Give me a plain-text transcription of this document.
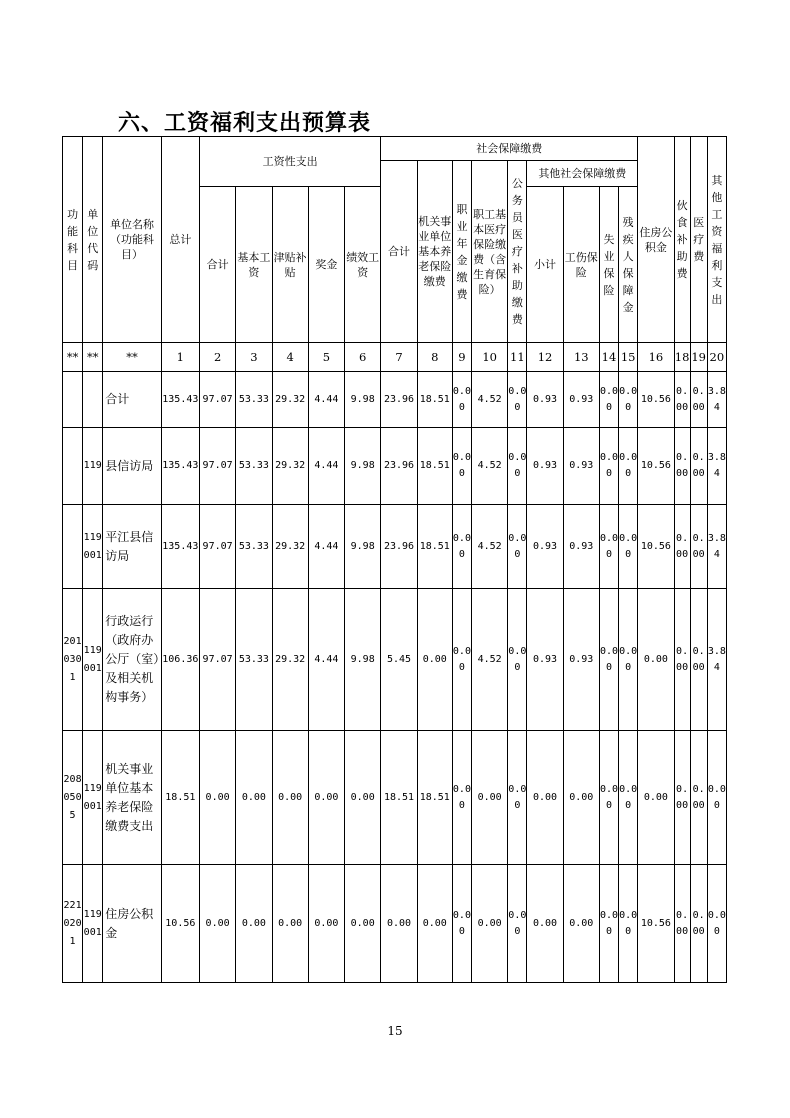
六、工资福利支出预算表
功能科目	单位代码	单位名称（功能科目）	总计	工资性支出					社会保障缴费									住房公积金	伙食补助费	医疗费	其他工资福利支出
									合计	机关事业单位基本养老保险缴费	职业年金缴费	职工基本医疗保险缴费（含生育保险）	公务员医疗补助缴费	其他社会保障缴费							
				合计	基本工资	津贴补贴	奖金	绩效工资						小计	工伤保险	失业保险	残疾人保障金				
**	**	**	1	2	3	4	5	6	7	8	9	10	11	12	13	14	15	16	18	19	20
		合计	135.43	97.07	53.33	29.32	4.44	9.98	23.96	18.51	0.00	4.52	0.00	0.93	0.93	0.00	0.00	10.56	0.00	0.00	3.84
	119	县信访局	135.43	97.07	53.33	29.32	4.44	9.98	23.96	18.51	0.00	4.52	0.00	0.93	0.93	0.00	0.00	10.56	0.00	0.00	3.84
	119001	平江县信访局	135.43	97.07	53.33	29.32	4.44	9.98	23.96	18.51	0.00	4.52	0.00	0.93	0.93	0.00	0.00	10.56	0.00	0.00	3.84
2010301	119001	行政运行（政府办公厅（室）及相关机构事务）	106.36	97.07	53.33	29.32	4.44	9.98	5.45	0.00	0.00	4.52	0.00	0.93	0.93	0.00	0.00	0.00	0.00	0.00	3.84
2080505	119001	机关事业单位基本养老保险缴费支出	18.51	0.00	0.00	0.00	0.00	0.00	18.51	18.51	0.00	0.00	0.00	0.00	0.00	0.00	0.00	0.00	0.00	0.00	0.00
2210201	119001	住房公积金	10.56	0.00	0.00	0.00	0.00	0.00	0.00	0.00	0.00	0.00	0.00	0.00	0.00	0.00	0.00	10.56	0.00	0.00	0.00
15
